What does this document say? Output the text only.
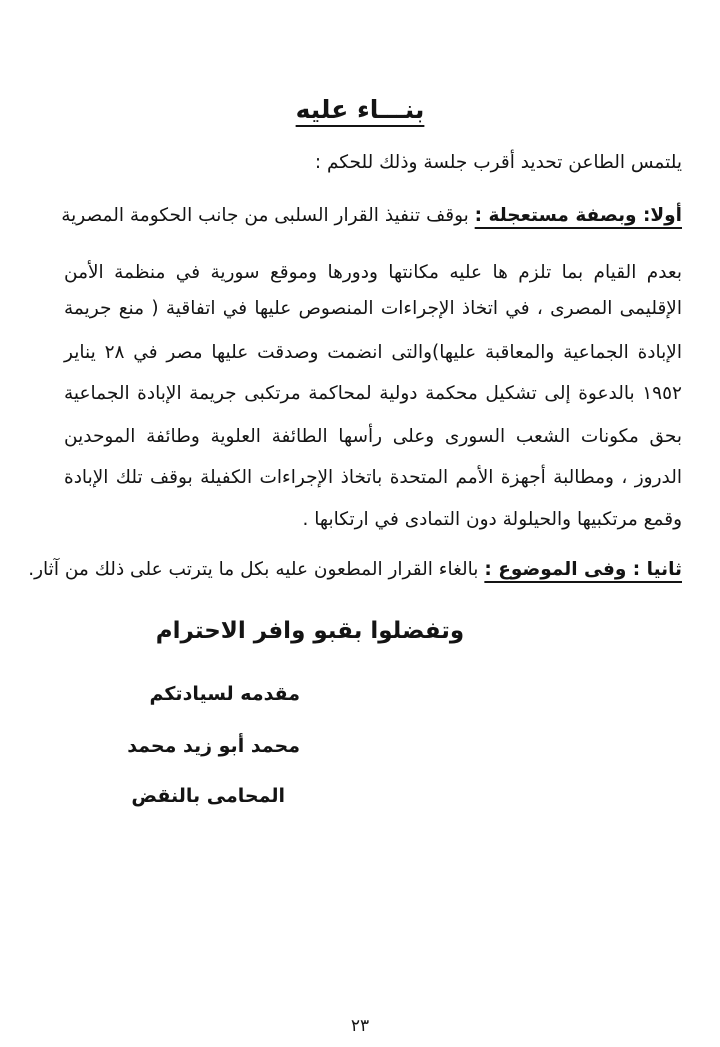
بنـــاء عليه
يلتمس الطاعن تحديد أقرب جلسة وذلك للحكم :
أولا: وبصفة مستعجلة : بوقف تنفيذ القرار السلبى من جانب الحكومة المصرية
بعدم القيام بما تلزم ها عليه مكانتها ودورها وموقع سورية في منظمة الأمن
الإقليمى المصرى ، في اتخاذ الإجراءات المنصوص عليها في اتفاقية ( منع جريمة
الإبادة الجماعية والمعاقبة عليها)والتى انضمت وصدقت عليها مصر في ٢٨ يناير
١٩٥٢ بالدعوة إلى تشكيل محكمة دولية لمحاكمة مرتكبى جريمة الإبادة الجماعية
بحق مكونات الشعب السورى وعلى رأسها الطائفة العلوية وطائفة الموحدين
الدروز ، ومطالبة أجهزة الأمم المتحدة باتخاذ الإجراءات الكفيلة بوقف تلك الإبادة
وقمع مرتكبيها والحيلولة دون التمادى في ارتكابها .
ثانيا : وفى الموضوع : بالغاء القرار المطعون عليه بكل ما يترتب على ذلك من آثار.
وتفضلوا بقبو وافر الاحترام
مقدمه لسيادتكم
محمد أبو زيد محمد
المحامى بالنقض
٢٣
